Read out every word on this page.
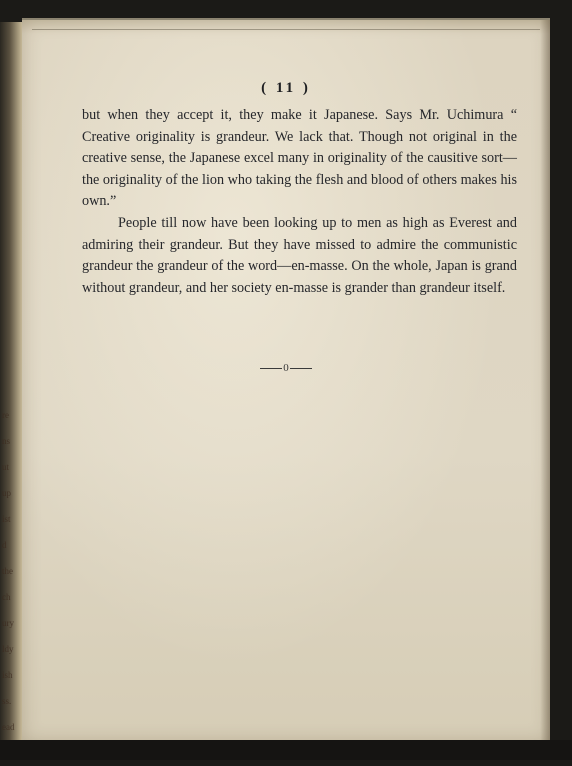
re
ns
ut
up
ist
d
the
ch
ury
ldy
ish
ss.
ead
( 11 )

but when they accept it, they make it Japanese. Says Mr. Uchimura “ Creative originality is grandeur. We lack that. Though not original in the creative sense, the Japanese excel many in originality of the causitive sort—the originality of the lion who taking the flesh and blood of others makes his own.”

People till now have been looking up to men as high as Everest and admiring their grandeur. But they have missed to admire the communistic grandeur the grandeur of the word—en-masse. On the whole, Japan is grand without grandeur, and her society en-masse is grander than grandeur itself.

0
